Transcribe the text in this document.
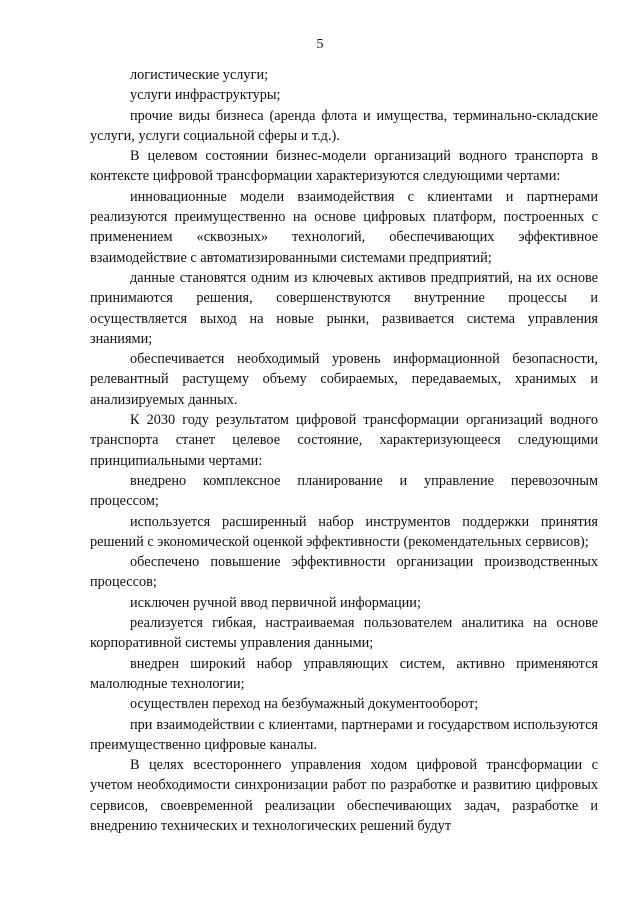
5

логистические услуги;

услуги инфраструктуры;

прочие виды бизнеса (аренда флота и имущества, терминально-складские услуги, услуги социальной сферы и т.д.).

В целевом состоянии бизнес-модели организаций водного транспорта в контексте цифровой трансформации характеризуются следующими чертами:

инновационные модели взаимодействия с клиентами и партнерами реализуются преимущественно на основе цифровых платформ, построенных с применением «сквозных» технологий, обеспечивающих эффективное взаимодействие с автоматизированными системами предприятий;

данные становятся одним из ключевых активов предприятий, на их основе принимаются решения, совершенствуются внутренние процессы и осуществляется выход на новые рынки, развивается система управления знаниями;

обеспечивается необходимый уровень информационной безопасности, релевантный растущему объему собираемых, передаваемых, хранимых и анализируемых данных.

К 2030 году результатом цифровой трансформации организаций водного транспорта станет целевое состояние, характеризующееся следующими принципиальными чертами:

внедрено комплексное планирование и управление перевозочным процессом;

используется расширенный набор инструментов поддержки принятия решений с экономической оценкой эффективности (рекомендательных сервисов);

обеспечено повышение эффективности организации производственных процессов;

исключен ручной ввод первичной информации;

реализуется гибкая, настраиваемая пользователем аналитика на основе корпоративной системы управления данными;

внедрен широкий набор управляющих систем, активно применяются малолюдные технологии;

осуществлен переход на безбумажный документооборот;

при взаимодействии с клиентами, партнерами и государством используются преимущественно цифровые каналы.

В целях всестороннего управления ходом цифровой трансформации с учетом необходимости синхронизации работ по разработке и развитию цифровых сервисов, своевременной реализации обеспечивающих задач, разработке и внедрению технических и технологических решений будут
